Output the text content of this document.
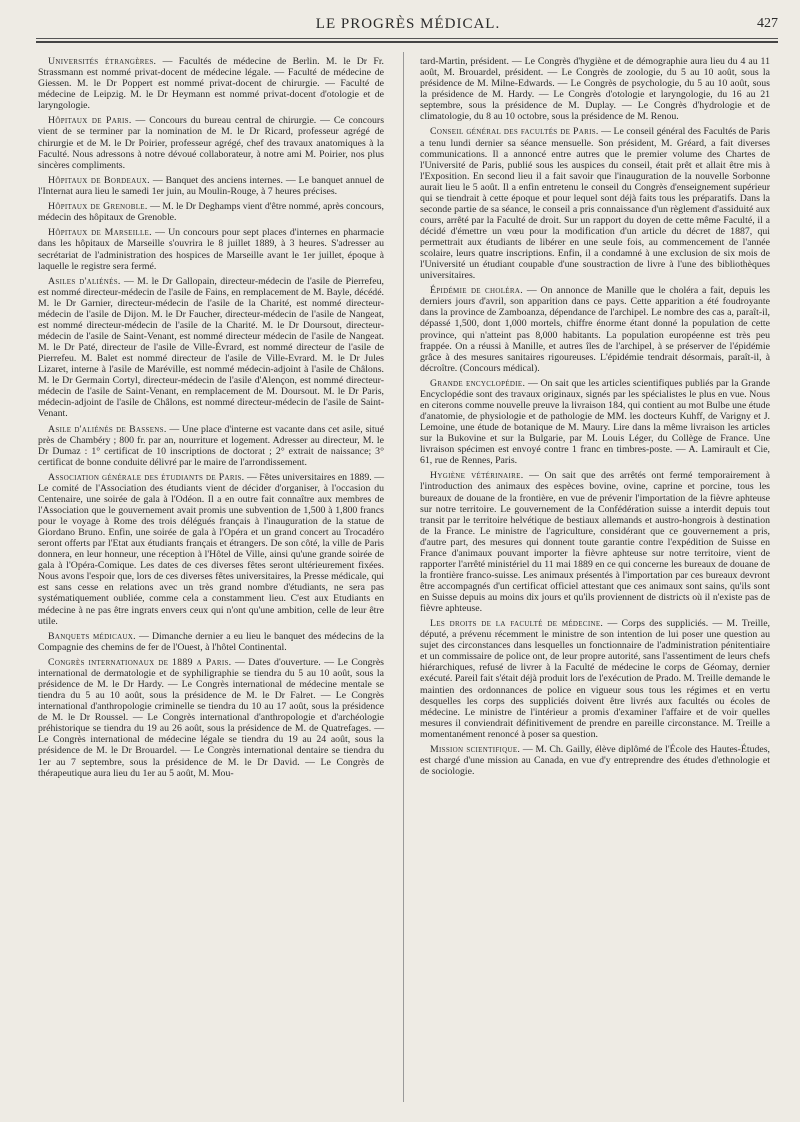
LE PROGRÈS MÉDICAL.	427

Universités étrangères. — Facultés de médecine de Berlin. M. le Dr Fr. Strassmann est nommé privat-docent de médecine légale. — Faculté de médecine de Giessen. M. le Dr Poppert est nommé privat-docent de chirurgie. — Faculté de médecine de Leipzig. M. le Dr Heymann est nommé privat-docent d'otologie et de laryngologie.

Hôpitaux de Paris. — Concours du bureau central de chirurgie. — Ce concours vient de se terminer par la nomination de M. le Dr Ricard, professeur agrégé de chirurgie et de M. le Dr Poirier, professeur agrégé, chef des travaux anatomiques à la Faculté. Nous adressons à notre dévoué collaborateur, à notre ami M. Poirier, nos plus sincères compliments.

Hôpitaux de Bordeaux. — Banquet des anciens internes. — Le banquet annuel de l'Internat aura lieu le samedi 1er juin, au Moulin-Rouge, à 7 heures précises.

Hôpitaux de Grenoble. — M. le Dr Deghamps vient d'être nommé, après concours, médecin des hôpitaux de Grenoble.

Hôpitaux de Marseille. — Un concours pour sept places d'internes en pharmacie dans les hôpitaux de Marseille s'ouvrira le 8 juillet 1889, à 3 heures. S'adresser au secrétariat de l'administration des hospices de Marseille avant le 1er juillet, époque à laquelle le registre sera fermé.

Asiles d'aliénés. — M. le Dr Gallopain, directeur-médecin de l'asile de Pierrefeu, est nommé directeur-médecin de l'asile de Fains, en remplacement de M. Bayle, décédé. M. le Dr Garnier, directeur-médecin de l'asile de la Charité, est nommé directeur-médecin de l'asile de Dijon. M. le Dr Faucher, directeur-médecin de l'asile de Nangeat, est nommé directeur-médecin de l'asile de la Charité. M. le Dr Doursout, directeur-médecin de l'asile de Saint-Venant, est nommé directeur médecin de l'asile de Nangeat. M. le Dr Paté, directeur de l'asile de Ville-Évrard, est nommé directeur de l'asile de Pierrefeu. M. Balet est nommé directeur de l'asile de Ville-Evrard. M. le Dr Jules Lizaret, interne à l'asile de Maréville, est nommé médecin-adjoint à l'asile de Châlons. M. le Dr Germain Cortyl, directeur-médecin de l'asile d'Alençon, est nommé directeur-médecin de l'asile de Saint-Venant, en remplacement de M. Doursout. M. le Dr Paris, médecin-adjoint de l'asile de Châlons, est nommé directeur-médecin de l'asile de Saint-Venant.

Asile d'aliénés de Bassens. — Une place d'interne est vacante dans cet asile, situé près de Chambéry ; 800 fr. par an, nourriture et logement. Adresser au directeur, M. le Dr Dumaz : 1° certificat de 10 inscriptions de doctorat ; 2° extrait de naissance; 3° certificat de bonne conduite délivré par le maire de l'arrondissement.

Association générale des étudiants de Paris. — Fêtes universitaires en 1889. — Le comité de l'Association des étudiants vient de décider d'organiser, à l'occasion du Centenaire, une soirée de gala à l'Odéon. Il a en outre fait connaître aux membres de l'Association que le gouvernement avait promis une subvention de 1,500 à 1,800 francs pour le voyage à Rome des trois délégués français à l'inauguration de la statue de Giordano Bruno. Enfin, une soirée de gala à l'Opéra et un grand concert au Trocadéro seront offerts par l'Etat aux étudiants français et étrangers. De son côté, la ville de Paris donnera, en leur honneur, une réception à l'Hôtel de Ville, ainsi qu'une grande soirée de gala à l'Opéra-Comique. Les dates de ces diverses fêtes seront ultérieurement fixées. Nous avons l'espoir que, lors de ces diverses fêtes universitaires, la Presse médicale, qui est sans cesse en relations avec un très grand nombre d'étudiants, ne sera pas systématiquement oubliée, comme cela a constamment lieu. C'est aux Etudiants en médecine à ne pas être ingrats envers ceux qui n'ont qu'une ambition, celle de leur être utile.

Banquets médicaux. — Dimanche dernier a eu lieu le banquet des médecins de la Compagnie des chemins de fer de l'Ouest, à l'hôtel Continental.

Congrès internationaux de 1889 a Paris. — Dates d'ouverture. — Le Congrès international de dermatologie et de syphiligraphie se tiendra du 5 au 10 août, sous la présidence de M. le Dr Hardy. — Le Congrès international de médecine mentale se tiendra du 5 au 10 août, sous la présidence de M. le Dr Falret. — Le Congrès international d'anthropologie criminelle se tiendra du 10 au 17 août, sous la présidence de M. le Dr Roussel. — Le Congrès international d'anthropologie et d'archéologie préhistorique se tiendra du 19 au 26 août, sous la présidence de M. de Quatrefages. — Le Congrès international de médecine légale se tiendra du 19 au 24 août, sous la présidence de M. le Dr Brouardel. — Le Congrès international dentaire se tiendra du 1er au 7 septembre, sous la présidence de M. le Dr David. — Le Congrès de thérapeutique aura lieu du 1er au 5 août, M. Mou-

tard-Martin, président. — Le Congrès d'hygiène et de démographie aura lieu du 4 au 11 août, M. Brouardel, président. — Le Congrès de zoologie, du 5 au 10 août, sous la présidence de M. Milne-Edwards. — Le Congrès de psychologie, du 5 au 10 août, sous la présidence de M. Hardy. — Le Congrès d'otologie et laryngologie, du 16 au 21 septembre, sous la présidence de M. Duplay. — Le Congrès d'hydrologie et de climatologie, du 8 au 10 octobre, sous la présidence de M. Renou.

Conseil général des facultés de Paris. — Le conseil général des Facultés de Paris a tenu lundi dernier sa séance mensuelle. Son président, M. Gréard, a fait diverses communications. Il a annoncé entre autres que le premier volume des Chartes de l'Université de Paris, publié sous les auspices du conseil, était prêt et allait être mis à l'Exposition. En second lieu il a fait savoir que l'inauguration de la nouvelle Sorbonne aurait lieu le 5 août. Il a enfin entretenu le conseil du Congrès d'enseignement supérieur qui se tiendrait à cette époque et pour lequel sont déjà faits tous les préparatifs. Dans la seconde partie de sa séance, le conseil a pris connaissance d'un règlement d'assiduité aux cours, arrêté par la Faculté de droit. Sur un rapport du doyen de cette même Faculté, il a décidé d'émettre un vœu pour la modification d'un article du décret de 1887, qui permettrait aux étudiants de libérer en une seule fois, au commencement de l'année scolaire, leurs quatre inscriptions. Enfin, il a condamné à une exclusion de six mois de l'Université un étudiant coupable d'une soustraction de livre à l'une des bibliothèques universitaires.

Épidémie de choléra. — On annonce de Manille que le choléra a fait, depuis les derniers jours d'avril, son apparition dans ce pays. Cette apparition a été foudroyante dans la province de Zamboanza, dépendance de l'archipel. Le nombre des cas a, paraît-il, dépassé 1,500, dont 1,000 mortels, chiffre énorme étant donné la population de cette province, qui n'atteint pas 8,000 habitants. La population européenne est très peu frappée. On a réussi à Manille, et autres îles de l'archipel, à se préserver de l'épidémie grâce à des mesures sanitaires rigoureuses. L'épidémie tendrait désormais, paraît-il, à décroître. (Concours médical).

Grande encyclopédie. — On sait que les articles scientifiques publiés par la Grande Encyclopédie sont des travaux originaux, signés par les spécialistes le plus en vue. Nous en citerons comme nouvelle preuve la livraison 184, qui contient au mot Bulbe une étude d'anatomie, de physiologie et de pathologie de MM. les docteurs Kuhff, de Varigny et J. Lemoine, une étude de botanique de M. Maury. Lire dans la même livraison les articles sur la Bukovine et sur la Bulgarie, par M. Louis Léger, du Collège de France. Une livraison spécimen est envoyé contre 1 franc en timbres-poste. — A. Lamirault et Cie, 61, rue de Rennes, Paris.

Hygiène vétérinaire. — On sait que des arrêtés ont fermé temporairement à l'introduction des animaux des espèces bovine, ovine, caprine et porcine, tous les bureaux de douane de la frontière, en vue de prévenir l'importation de la fièvre aphteuse sur notre territoire. Le gouvernement de la Confédération suisse a interdit depuis tout transit par le territoire helvétique de bestiaux allemands et austro-hongrois à destination de la France. Le ministre de l'agriculture, considérant que ce gouvernement a pris, d'autre part, des mesures qui donnent toute garantie contre l'expédition de Suisse en France d'animaux pouvant importer la fièvre aphteuse sur notre territoire, vient de rapporter l'arrêté ministériel du 11 mai 1889 en ce qui concerne les bureaux de douane de la frontière franco-suisse. Les animaux présentés à l'importation par ces bureaux devront être accompagnés d'un certificat officiel attestant que ces animaux sont sains, qu'ils sont en Suisse depuis au moins dix jours et qu'ils proviennent de districts où il n'existe pas de fièvre aphteuse.

Les droits de la faculté de médecine. — Corps des suppliciés. — M. Treille, député, a prévenu récemment le ministre de son intention de lui poser une question au sujet des circonstances dans lesquelles un fonctionnaire de l'administration pénitentiaire et un commissaire de police ont, de leur propre autorité, sans l'assentiment de leurs chefs hiérarchiques, refusé de livrer à la Faculté de médecine le corps de Géomay, dernier exécuté. Pareil fait s'était déjà produit lors de l'exécution de Prado. M. Treille demande le maintien des ordonnances de police en vigueur sous tous les régimes et en vertu desquelles les corps des suppliciés doivent être livrés aux facultés ou écoles de médecine. Le ministre de l'intérieur a promis d'examiner l'affaire et de voir quelles mesures il conviendrait définitivement de prendre en pareille circonstance. M. Treille a momentanément renoncé à poser sa question.

Mission scientifique. — M. Ch. Gailly, élève diplômé de l'École des Hautes-Études, est chargé d'une mission au Canada, en vue d'y entreprendre des études d'ethnologie et de sociologie.
